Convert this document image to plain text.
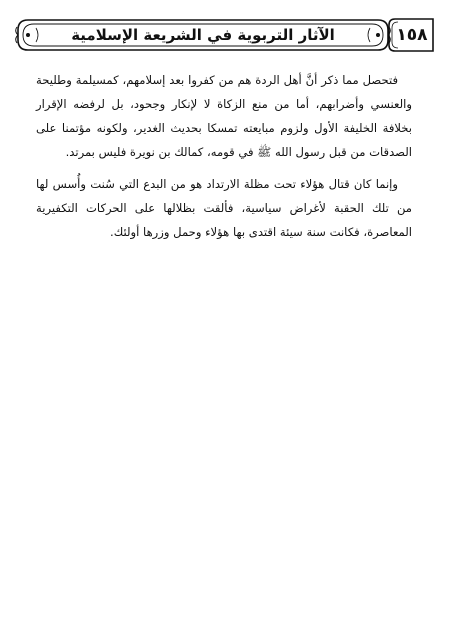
الآثار التربوية في الشريعة الإسلامية	١٥٨

فتحصل مما ذكر أنَّ أهل الردة هم من كفروا بعد إسلامهم، كمسيلمة وطليحة والعنسي وأضرابهم، أما من منع الزكاة لا لإنكار وجحود، بل لرفضه الإقرار بخلافة الخليفة الأول ولزوم مبايعته تمسكا بحديث الغدير، ولكونه مؤتمنا على الصدقات من قبل رسول الله ﷺ في قومه، كمالك بن نويرة فليس بمرتد.

وإنما كان قتال هؤلاء تحت مظلة الارتداد هو من البدع التي سُنت وأُسس لها من تلك الحقبة لأغراض سياسية، فألقت بظلالها على الحركات التكفيرية المعاصرة، فكانت سنة سيئة اقتدى بها هؤلاء وحمل وزرها أولئك.
